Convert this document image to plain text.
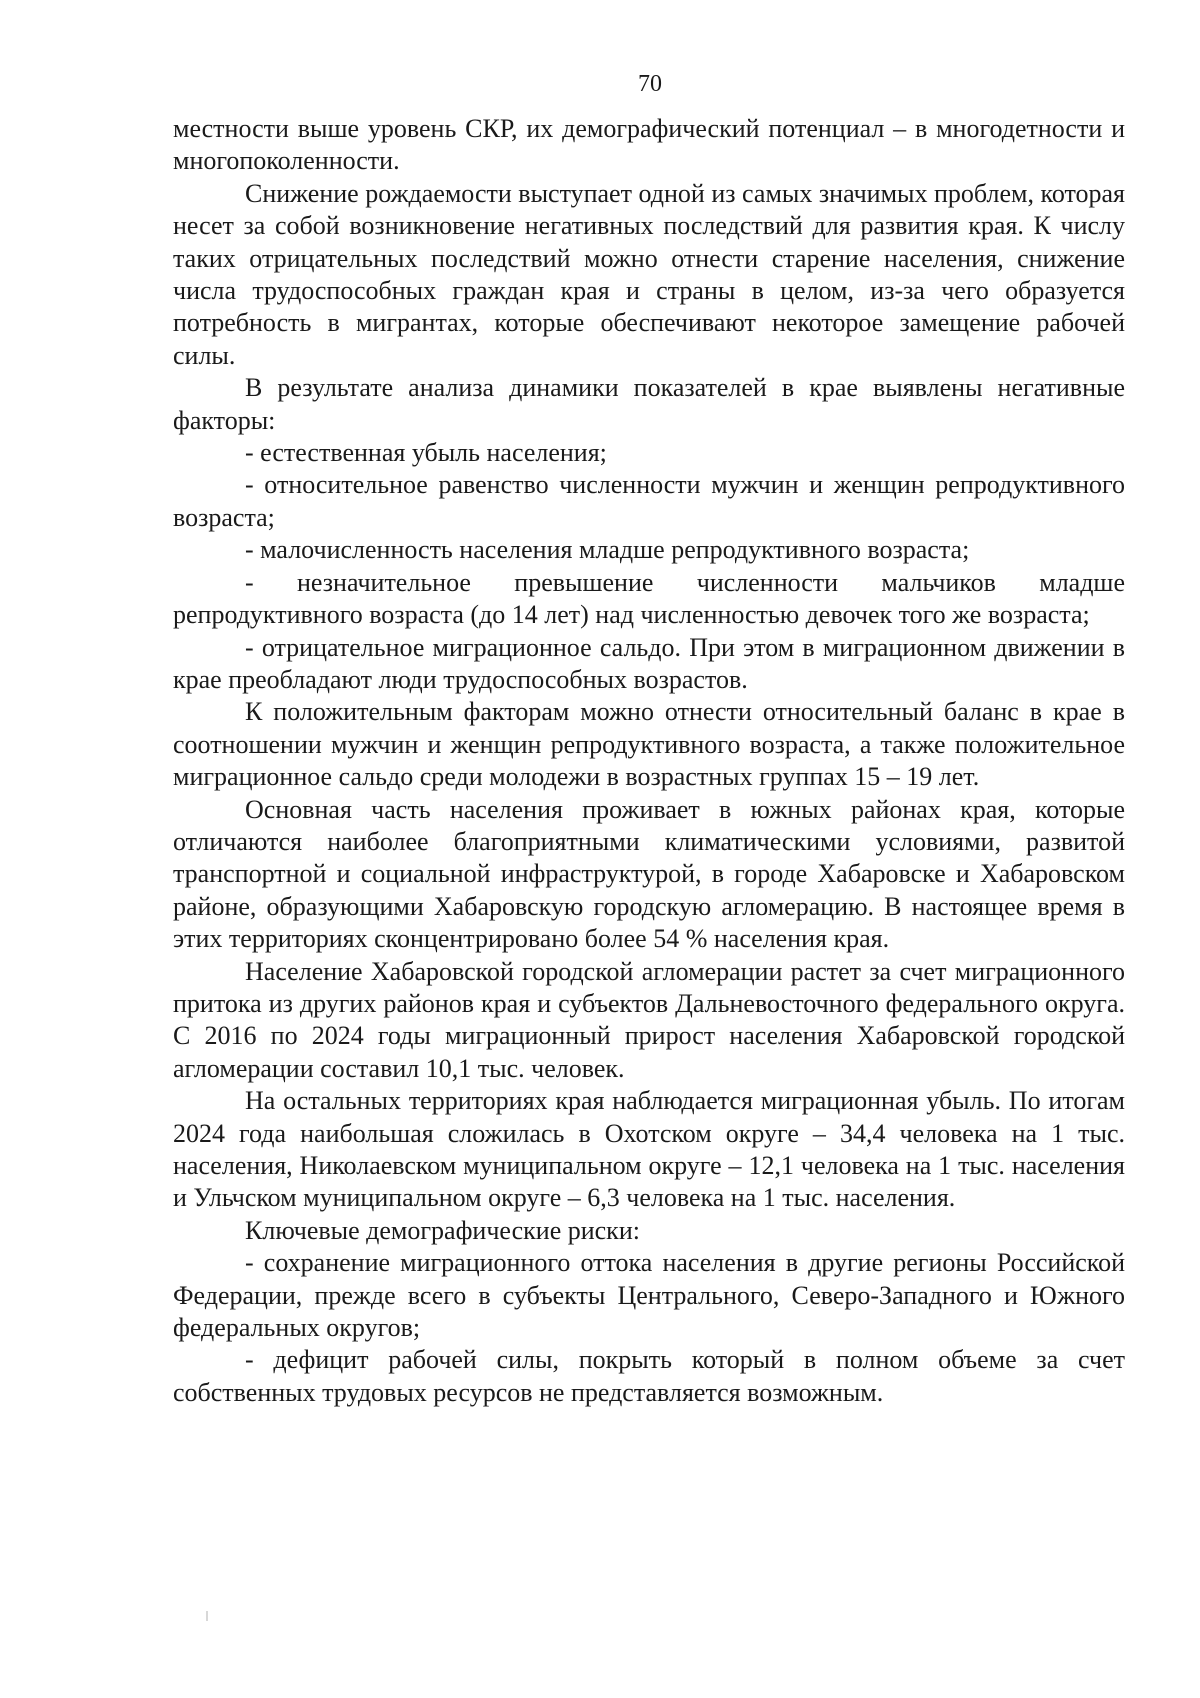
70

местности выше уровень СКР, их демографический потенциал – в многодетности и многопоколенности.

Снижение рождаемости выступает одной из самых значимых проблем, которая несет за собой возникновение негативных последствий для развития края. К числу таких отрицательных последствий можно отнести старение населения, снижение числа трудоспособных граждан края и страны в целом, из-за чего образуется потребность в мигрантах, которые обеспечивают некоторое замещение рабочей силы.

В результате анализа динамики показателей в крае выявлены негативные факторы:

- естественная убыль населения;

- относительное равенство численности мужчин и женщин репродуктивного возраста;

- малочисленность населения младше репродуктивного возраста;

- незначительное превышение численности мальчиков младше репродуктивного возраста (до 14 лет) над численностью девочек того же возраста;

- отрицательное миграционное сальдо. При этом в миграционном движении в крае преобладают люди трудоспособных возрастов.

К положительным факторам можно отнести относительный баланс в крае в соотношении мужчин и женщин репродуктивного возраста, а также положительное миграционное сальдо среди молодежи в возрастных группах 15 – 19 лет.

Основная часть населения проживает в южных районах края, которые отличаются наиболее благоприятными климатическими условиями, развитой транспортной и социальной инфраструктурой, в городе Хабаровске и Хабаровском районе, образующими Хабаровскую городскую агломерацию. В настоящее время в этих территориях сконцентрировано более 54 % населения края.

Население Хабаровской городской агломерации растет за счет миграционного притока из других районов края и субъектов Дальневосточного федерального округа. С 2016 по 2024 годы миграционный прирост населения Хабаровской городской агломерации составил 10,1 тыс. человек.

На остальных территориях края наблюдается миграционная убыль. По итогам 2024 года наибольшая сложилась в Охотском округе – 34,4 человека на 1 тыс. населения, Николаевском муниципальном округе – 12,1 человека на 1 тыс. населения и Ульчском муниципальном округе – 6,3 человека на 1 тыс. населения.

Ключевые демографические риски:

- сохранение миграционного оттока населения в другие регионы Российской Федерации, прежде всего в субъекты Центрального, Северо-Западного и Южного федеральных округов;

- дефицит рабочей силы, покрыть который в полном объеме за счет собственных трудовых ресурсов не представляется возможным.
